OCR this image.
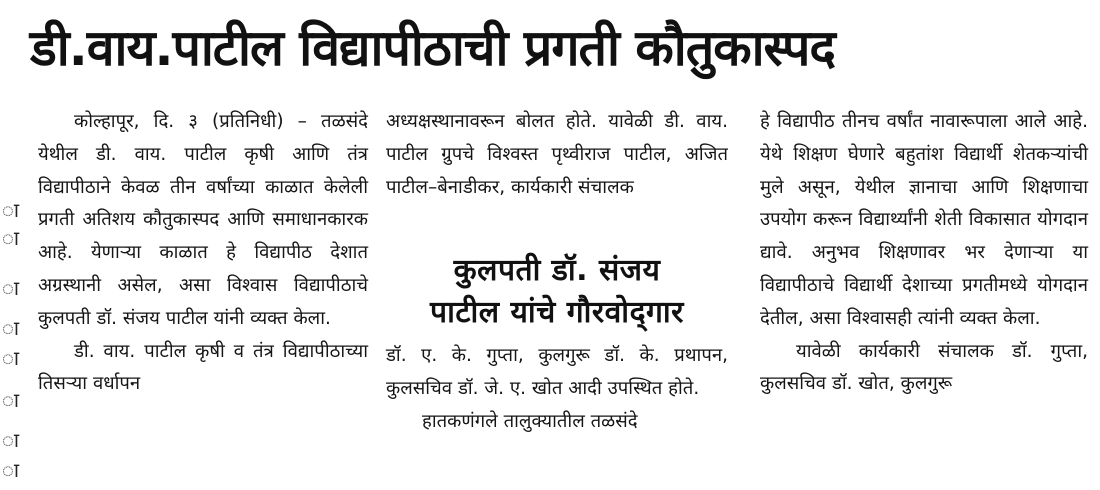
डी.वाय.पाटील विद्यापीठाची प्रगती कौतुकास्पद
ा
ा
ा
ा
ा
ा
ा
ा

कोल्हापूर, दि. ३ (प्रतिनिधी) – तळसंदे येथील डी. वाय. पाटील कृषी आणि तंत्र विद्यापीठाने केवळ तीन वर्षांच्या काळात केलेली प्रगती अतिशय कौतुकास्पद आणि समाधानकारक आहे. येणाऱ्या काळात हे विद्यापीठ देशात अग्रस्थानी असेल, असा विश्वास विद्यापीठाचे कुलपती डॉ. संजय पाटील यांनी व्यक्त केला.

डी. वाय. पाटील कृषी व तंत्र विद्यापीठाच्या तिसऱ्या वर्धापन

अध्यक्षस्थानावरून बोलत होते. यावेळी डी. वाय. पाटील ग्रुपचे विश्वस्त पृथ्वीराज पाटील, अजित पाटील–बेनाडीकर, कार्यकारी संचालक

कुलपती डॉ. संजय
पाटील यांचे गौरवोद्‌गार

डॉ. ए. के. गुप्ता, कुलगुरू डॉ. के. प्रथापन, कुलसचिव डॉ. जे. ए. खोत आदी उपस्थित होते.

हातकणंगले तालुक्यातील तळसंदे

हे विद्यापीठ तीनच वर्षांत नावारूपाला आले आहे. येथे शिक्षण घेणारे बहुतांश विद्यार्थी शेतकऱ्यांची मुले असून, येथील ज्ञानाचा आणि शिक्षणाचा उपयोग करून विद्यार्थ्यांनी शेती विकासात योगदान द्यावे. अनुभव शिक्षणावर भर देणाऱ्या या विद्यापीठाचे विद्यार्थी देशाच्या प्रगतीमध्ये योगदान देतील, असा विश्वासही त्यांनी व्यक्त केला.

यावेळी कार्यकारी संचालक डॉ. गुप्ता, कुलसचिव डॉ. खोत, कुलगुरू
